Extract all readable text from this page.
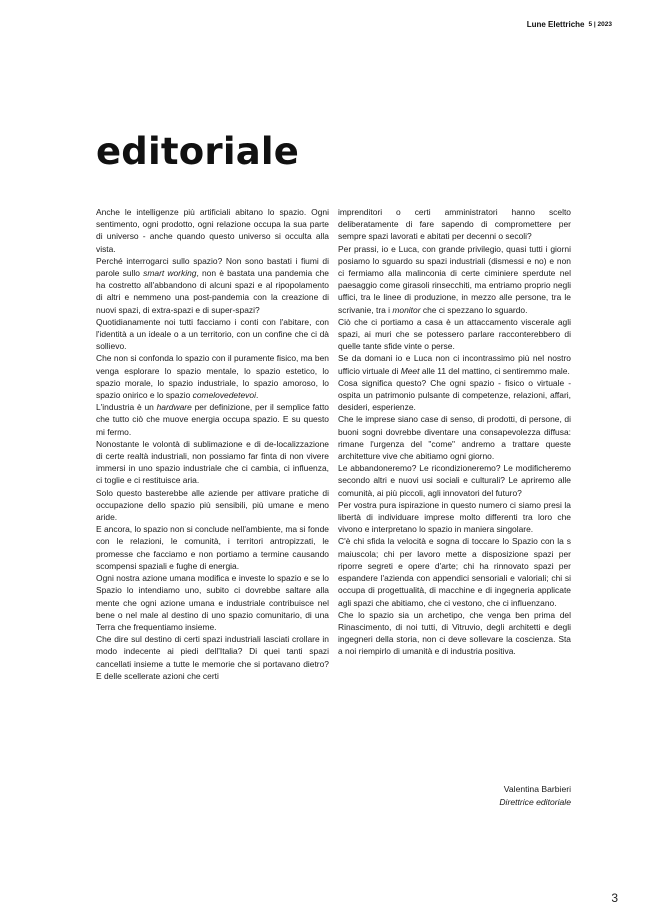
Lune Elettriche 5 | 2023
editoriale

Anche le intelligenze più artificiali abitano lo spazio. Ogni sentimento, ogni prodotto, ogni relazione occupa la sua parte di universo - anche quando questo universo si occulta alla vista.

Perché interrogarci sullo spazio? Non sono bastati i fiumi di parole sullo smart working, non è bastata una pandemia che ha costretto all'abbandono di alcuni spazi e al ripopolamento di altri e nemmeno una post-pandemia con la creazione di nuovi spazi, di extra-spazi e di super-spazi?

Quotidianamente noi tutti facciamo i conti con l'abitare, con l'identità a un ideale o a un territorio, con un confine che ci dà sollievo.

Che non si confonda lo spazio con il puramente fisico, ma ben venga esplorare lo spazio mentale, lo spazio estetico, lo spazio morale, lo spazio industriale, lo spazio amoroso, lo spazio onirico e lo spazio comelovedetevoi.

L'industria è un hardware per definizione, per il semplice fatto che tutto ciò che muove energia occupa spazio. E su questo mi fermo.

Nonostante le volontà di sublimazione e di de-localizzazione di certe realtà industriali, non possiamo far finta di non vivere immersi in uno spazio industriale che ci cambia, ci influenza, ci toglie e ci restituisce aria.

Solo questo basterebbe alle aziende per attivare pratiche di occupazione dello spazio più sensibili, più umane e meno aride.

E ancora, lo spazio non si conclude nell'ambiente, ma si fonde con le relazioni, le comunità, i territori antropizzati, le promesse che facciamo e non portiamo a termine causando scompensi spaziali e fughe di energia.

Ogni nostra azione umana modifica e investe lo spazio e se lo Spazio lo intendiamo uno, subito ci dovrebbe saltare alla mente che ogni azione umana e industriale contribuisce nel bene o nel male al destino di uno spazio comunitario, di una Terra che frequentiamo insieme.

Che dire sul destino di certi spazi industriali lasciati crollare in modo indecente ai piedi dell'Italia? Di quei tanti spazi cancellati insieme a tutte le memorie che si portavano dietro? E delle scellerate azioni che certi

imprenditori o certi amministratori hanno scelto deliberatamente di fare sapendo di compromettere per sempre spazi lavorati e abitati per decenni o secoli?

Per prassi, io e Luca, con grande privilegio, quasi tutti i giorni posiamo lo sguardo su spazi industriali (dismessi e no) e non ci fermiamo alla malinconia di certe ciminiere sperdute nel paesaggio come girasoli rinsecchiti, ma entriamo proprio negli uffici, tra le linee di produzione, in mezzo alle persone, tra le scrivanie, tra i monitor che ci spezzano lo sguardo.

Ciò che ci portiamo a casa è un attaccamento viscerale agli spazi, ai muri che se potessero parlare racconterebbero di quelle tante sfide vinte o perse.

Se da domani io e Luca non ci incontrassimo più nel nostro ufficio virtuale di Meet alle 11 del mattino, ci sentiremmo male.

Cosa significa questo? Che ogni spazio - fisico o virtuale - ospita un patrimonio pulsante di competenze, relazioni, affari, desideri, esperienze.

Che le imprese siano case di senso, di prodotti, di persone, di buoni sogni dovrebbe diventare una consapevolezza diffusa: rimane l'urgenza del "come" andremo a trattare queste architetture vive che abitiamo ogni giorno.

Le abbandoneremo? Le ricondizioneremo? Le modificheremo secondo altri e nuovi usi sociali e culturali? Le apriremo alle comunità, ai più piccoli, agli innovatori del futuro?

Per vostra pura ispirazione in questo numero ci siamo presi la libertà di individuare imprese molto differenti tra loro che vivono e interpretano lo spazio in maniera singolare.

C'è chi sfida la velocità e sogna di toccare lo Spazio con la s maiuscola; chi per lavoro mette a disposizione spazi per riporre segreti e opere d'arte; chi ha rinnovato spazi per espandere l'azienda con appendici sensoriali e valoriali; chi si occupa di progettualità, di macchine e di ingegneria applicate agli spazi che abitiamo, che ci vestono, che ci influenzano.

Che lo spazio sia un archetipo, che venga ben prima del Rinascimento, di noi tutti, di Vitruvio, degli architetti e degli ingegneri della storia, non ci deve sollevare la coscienza. Sta a noi riempirlo di umanità e di industria positiva.

Valentina Barbieri
Direttrice editoriale
3
